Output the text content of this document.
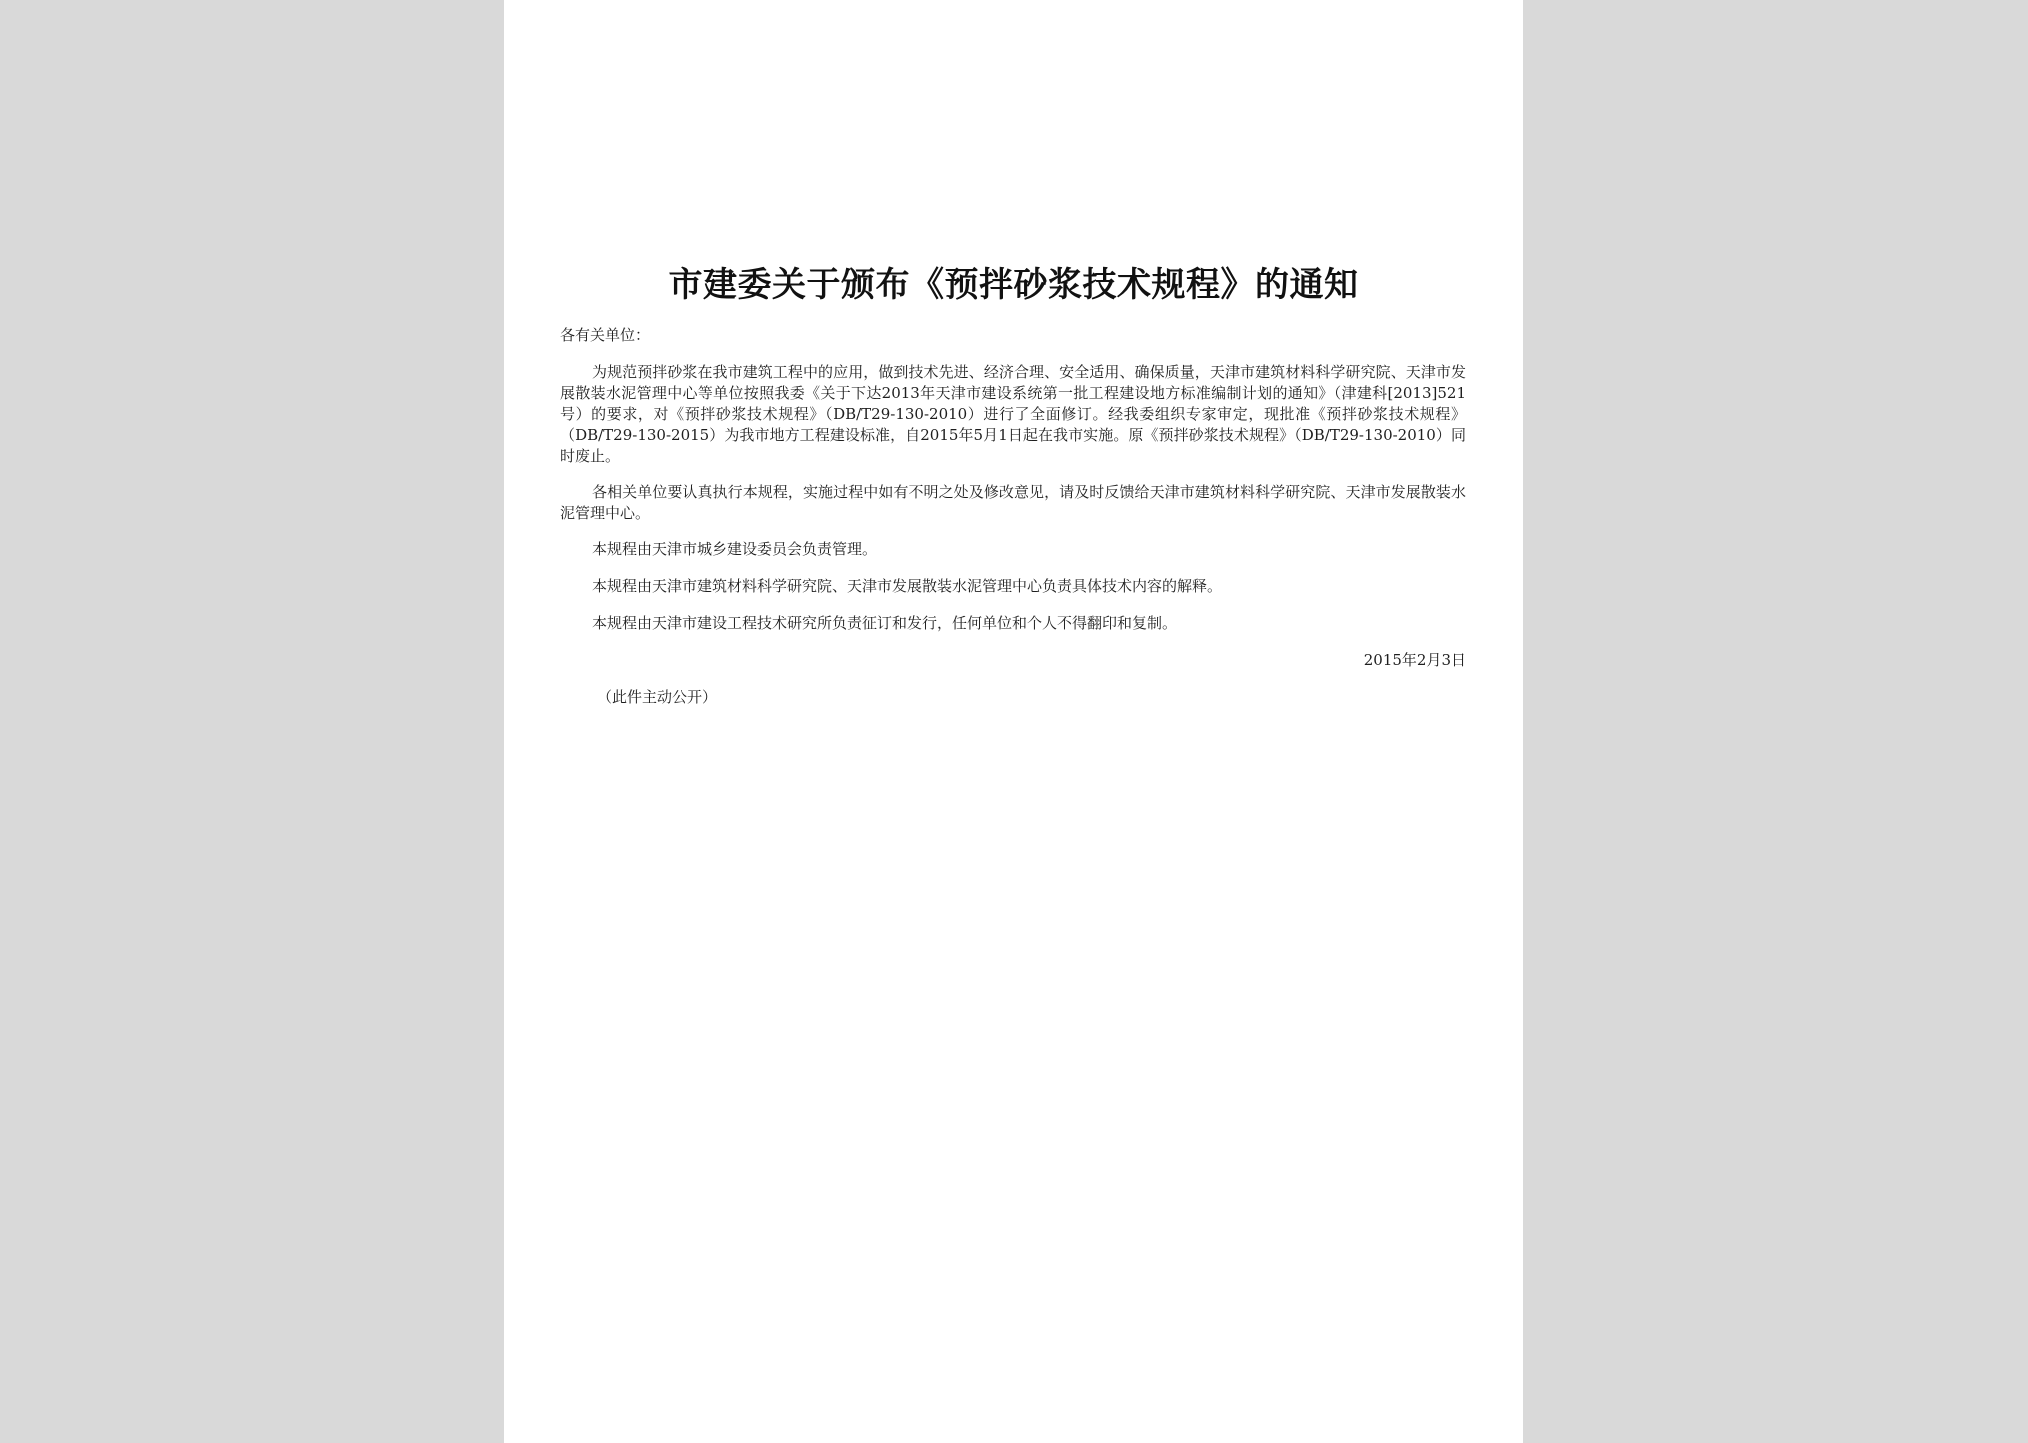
市建委关于颁布《预拌砂浆技术规程》的通知
各有关单位：
为规范预拌砂浆在我市建筑工程中的应用，做到技术先进、经济合理、安全适用、确保质量，天津市建筑材料科学研究院、天津市发展散装水泥管理中心等单位按照我委《关于下达2013年天津市建设系统第一批工程建设地方标准编制计划的通知》（津建科[2013]521号）的要求，对《预拌砂浆技术规程》（DB/T29-130-2010）进行了全面修订。经我委组织专家审定，现批准《预拌砂浆技术规程》（DB/T29-130-2015）为我市地方工程建设标准，自2015年5月1日起在我市实施。原《预拌砂浆技术规程》（DB/T29-130-2010）同时废止。
各相关单位要认真执行本规程，实施过程中如有不明之处及修改意见，请及时反馈给天津市建筑材料科学研究院、天津市发展散装水泥管理中心。
本规程由天津市城乡建设委员会负责管理。
本规程由天津市建筑材料科学研究院、天津市发展散装水泥管理中心负责具体技术内容的解释。
本规程由天津市建设工程技术研究所负责征订和发行，任何单位和个人不得翻印和复制。
2015年2月3日
（此件主动公开）
